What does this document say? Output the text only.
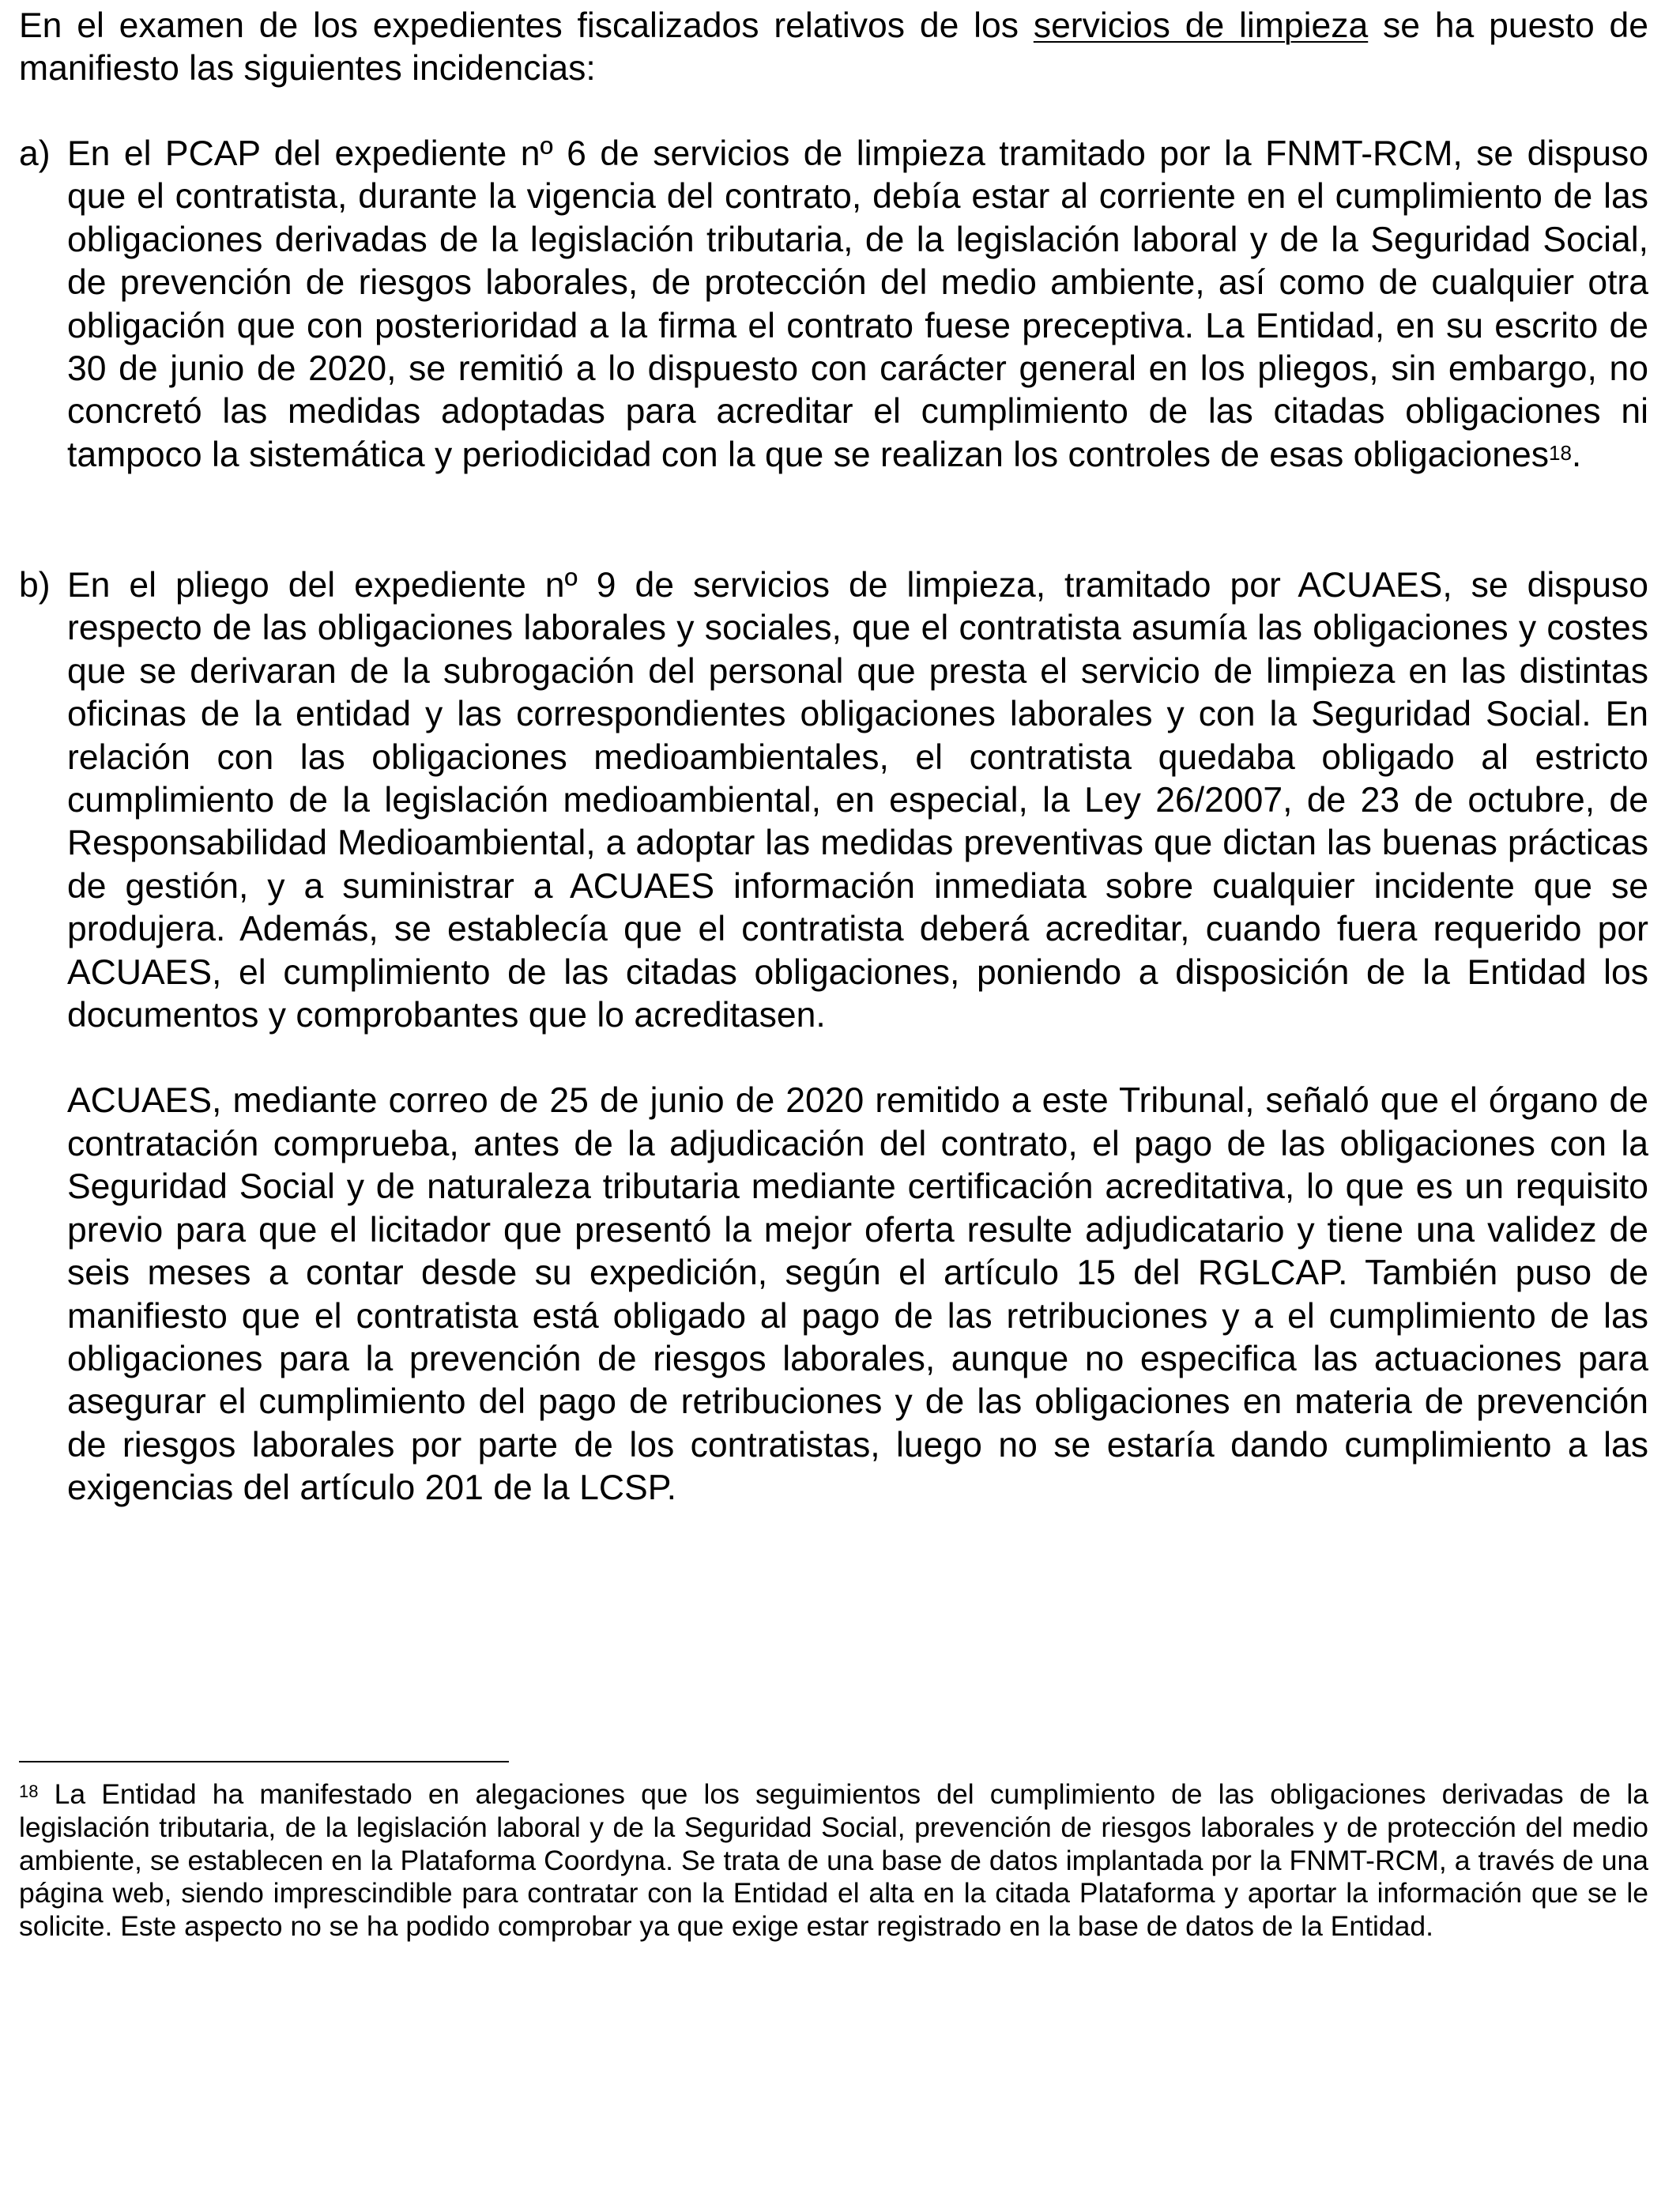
En el examen de los expedientes fiscalizados relativos de los servicios de limpieza se ha puesto de manifiesto las siguientes incidencias:

a) En el PCAP del expediente nº 6 de servicios de limpieza tramitado por la FNMT-RCM, se dispuso que el contratista, durante la vigencia del contrato, debía estar al corriente en el cumplimiento de las obligaciones derivadas de la legislación tributaria, de la legislación laboral y de la Seguridad Social, de prevención de riesgos laborales, de protección del medio ambiente, así como de cualquier otra obligación que con posterioridad a la firma el contrato fuese preceptiva. La Entidad, en su escrito de 30 de junio de 2020, se remitió a lo dispuesto con carácter general en los pliegos, sin embargo, no concretó las medidas adoptadas para acreditar el cumplimiento de las citadas obligaciones ni tampoco la sistemática y periodicidad con la que se realizan los controles de esas obligaciones$^{18}$.

b) En el pliego del expediente nº 9 de servicios de limpieza, tramitado por ACUAES, se dispuso respecto de las obligaciones laborales y sociales, que el contratista asumía las obligaciones y costes que se derivaran de la subrogación del personal que presta el servicio de limpieza en las distintas oficinas de la entidad y las correspondientes obligaciones laborales y con la Seguridad Social. En relación con las obligaciones medioambientales, el contratista quedaba obligado al estricto cumplimiento de la legislación medioambiental, en especial, la Ley 26/2007, de 23 de octubre, de Responsabilidad Medioambiental, a adoptar las medidas preventivas que dictan las buenas prácticas de gestión, y a suministrar a ACUAES información inmediata sobre cualquier incidente que se produjera. Además, se establecía que el contratista deberá acreditar, cuando fuera requerido por ACUAES, el cumplimiento de las citadas obligaciones, poniendo a disposición de la Entidad los documentos y comprobantes que lo acreditasen.

ACUAES, mediante correo de 25 de junio de 2020 remitido a este Tribunal, señaló que el órgano de contratación comprueba, antes de la adjudicación del contrato, el pago de las obligaciones con la Seguridad Social y de naturaleza tributaria mediante certificación acreditativa, lo que es un requisito previo para que el licitador que presentó la mejor oferta resulte adjudicatario y tiene una validez de seis meses a contar desde su expedición, según el artículo 15 del RGLCAP. También puso de manifiesto que el contratista está obligado al pago de las retribuciones y a el cumplimiento de las obligaciones para la prevención de riesgos laborales, aunque no especifica las actuaciones para asegurar el cumplimiento del pago de retribuciones y de las obligaciones en materia de prevención de riesgos laborales por parte de los contratistas, luego no se estaría dando cumplimiento a las exigencias del artículo 201 de la LCSP.

$^{18}$ La Entidad ha manifestado en alegaciones que los seguimientos del cumplimiento de las obligaciones derivadas de la legislación tributaria, de la legislación laboral y de la Seguridad Social, prevención de riesgos laborales y de protección del medio ambiente, se establecen en la Plataforma Coordyna. Se trata de una base de datos implantada por la FNMT-RCM, a través de una página web, siendo imprescindible para contratar con la Entidad el alta en la citada Plataforma y aportar la información que se le solicite. Este aspecto no se ha podido comprobar ya que exige estar registrado en la base de datos de la Entidad.
